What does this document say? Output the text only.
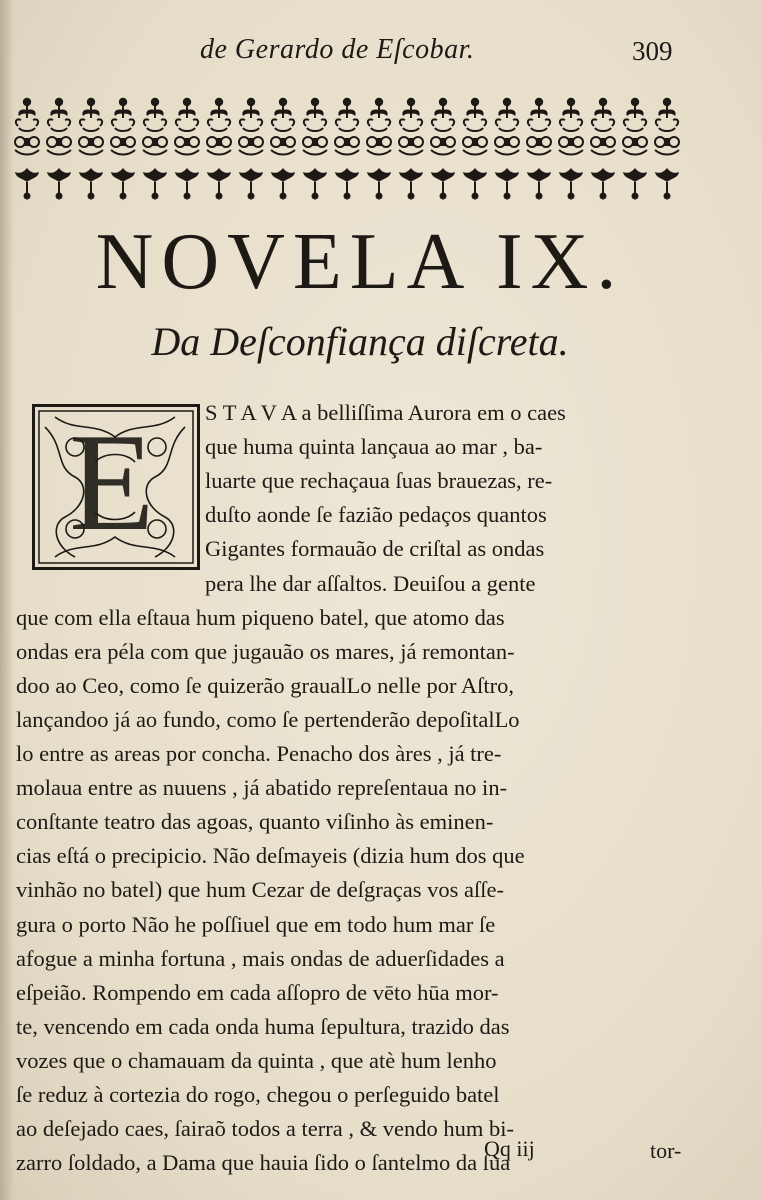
de Gerardo de Eſcobar.	309
NOVELA IX.
Da Deſconfiança diſcreta.
E S T A V A a belliſſima Aurora em o caes
que huma quinta lançaua ao mar , ba-
luarte que rechaçaua ſuas brauezas, re-
duſto aonde ſe fazião pedaços quantos
Gigantes formauão de criſtal as ondas
pera lhe dar aſſaltos. Deuiſou a gente
que com ella eſtaua hum piqueno batel, que atomo das
ondas era péla com que jugauão os mares, já remontan-
doo ao Ceo, como ſe quizerão graualLo nelle por Aſtro,
lançandoo já ao fundo, como ſe pertenderão depoſitalLo
lo entre as areas por concha. Penacho dos àres , já tre-
molaua entre as nuuens , já abatido repreſentaua no in-
conſtante teatro das agoas, quanto viſinho às eminen-
cias eſtá o precipicio. Não deſmayeis (dizia hum dos que
vinhão no batel) que hum Cezar de deſgraças vos aſſe-
gura o porto Não he poſſiuel que em todo hum mar ſe
afogue a minha fortuna , mais ondas de aduerſidades a
eſpeião. Rompendo em cada aſſopro de vēto hūa mor-
te, vencendo em cada onda huma ſepultura, trazido das
vozes que o chamauam da quinta , que atè hum lenho
ſe reduz à cortezia do rogo, chegou o perſeguido batel
ao deſejado caes, ſairaõ todos a terra , & vendo hum bi-
zarro ſoldado, a Dama que hauia ſido o ſantelmo da ſua
Qq iij	tor-
